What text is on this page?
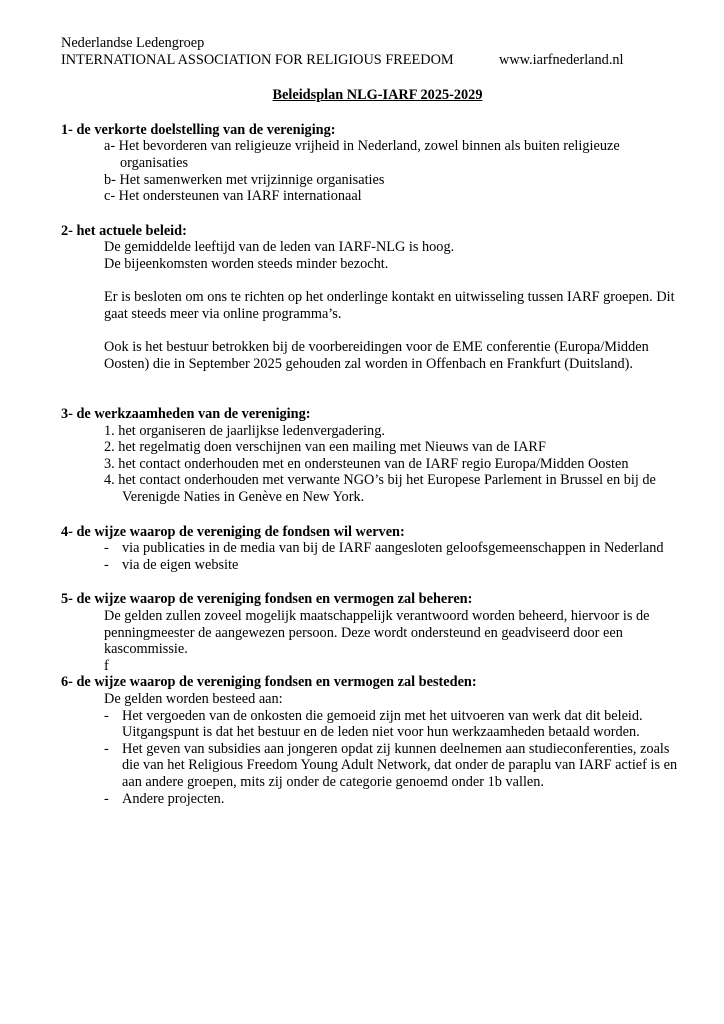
Nederlandse Ledengroep
INTERNATIONAL ASSOCIATION FOR RELIGIOUS FREEDOM	www.iarfnederland.nl
Beleidsplan NLG-IARF 2025-2029
1- de verkorte doelstelling van de vereniging:
a- Het bevorderen van religieuze vrijheid in Nederland, zowel binnen als buiten religieuze organisaties
b- Het samenwerken met vrijzinnige organisaties
c- Het ondersteunen van IARF internationaal
2- het actuele beleid:
De gemiddelde leeftijd van de leden van IARF-NLG is hoog.
De bijeenkomsten worden steeds minder bezocht.
Er is besloten om ons te richten op het onderlinge kontakt en uitwisseling tussen IARF groepen. Dit gaat steeds meer via online programma’s.
Ook is het bestuur betrokken bij de voorbereidingen voor de EME conferentie (Europa/Midden Oosten) die in September 2025 gehouden zal worden in Offenbach en Frankfurt (Duitsland).
3- de werkzaamheden van de vereniging:
1. het organiseren de jaarlijkse ledenvergadering.
2. het regelmatig doen verschijnen van een mailing met Nieuws van de IARF
3. het contact onderhouden met en ondersteunen van de IARF regio Europa/Midden Oosten
4. het contact onderhouden met verwante NGO’s bij het Europese Parlement in Brussel en bij de Verenigde Naties in Genève en New York.
4- de wijze waarop de vereniging de fondsen wil werven:
- via publicaties in de media van bij de IARF aangesloten geloofsgemeenschappen in Nederland
- via de eigen website
5- de wijze waarop de vereniging fondsen en vermogen zal beheren:
De gelden zullen zoveel mogelijk maatschappelijk verantwoord worden beheerd, hiervoor is de penningmeester de aangewezen persoon. Deze wordt ondersteund en geadviseerd door een kascommissie.
f
6- de wijze waarop de vereniging fondsen en vermogen zal besteden:
De gelden worden besteed aan:
- Het vergoeden van de onkosten die gemoeid zijn met het uitvoeren van werk dat dit beleid. Uitgangspunt is dat het bestuur en de leden niet voor hun werkzaamheden betaald worden.
- Het geven van subsidies aan jongeren opdat zij kunnen deelnemen aan studieconferenties, zoals die van het Religious Freedom Young Adult Network, dat onder de paraplu van IARF actief is en aan andere groepen, mits zij onder de categorie genoemd onder 1b vallen.
- Andere projecten.
